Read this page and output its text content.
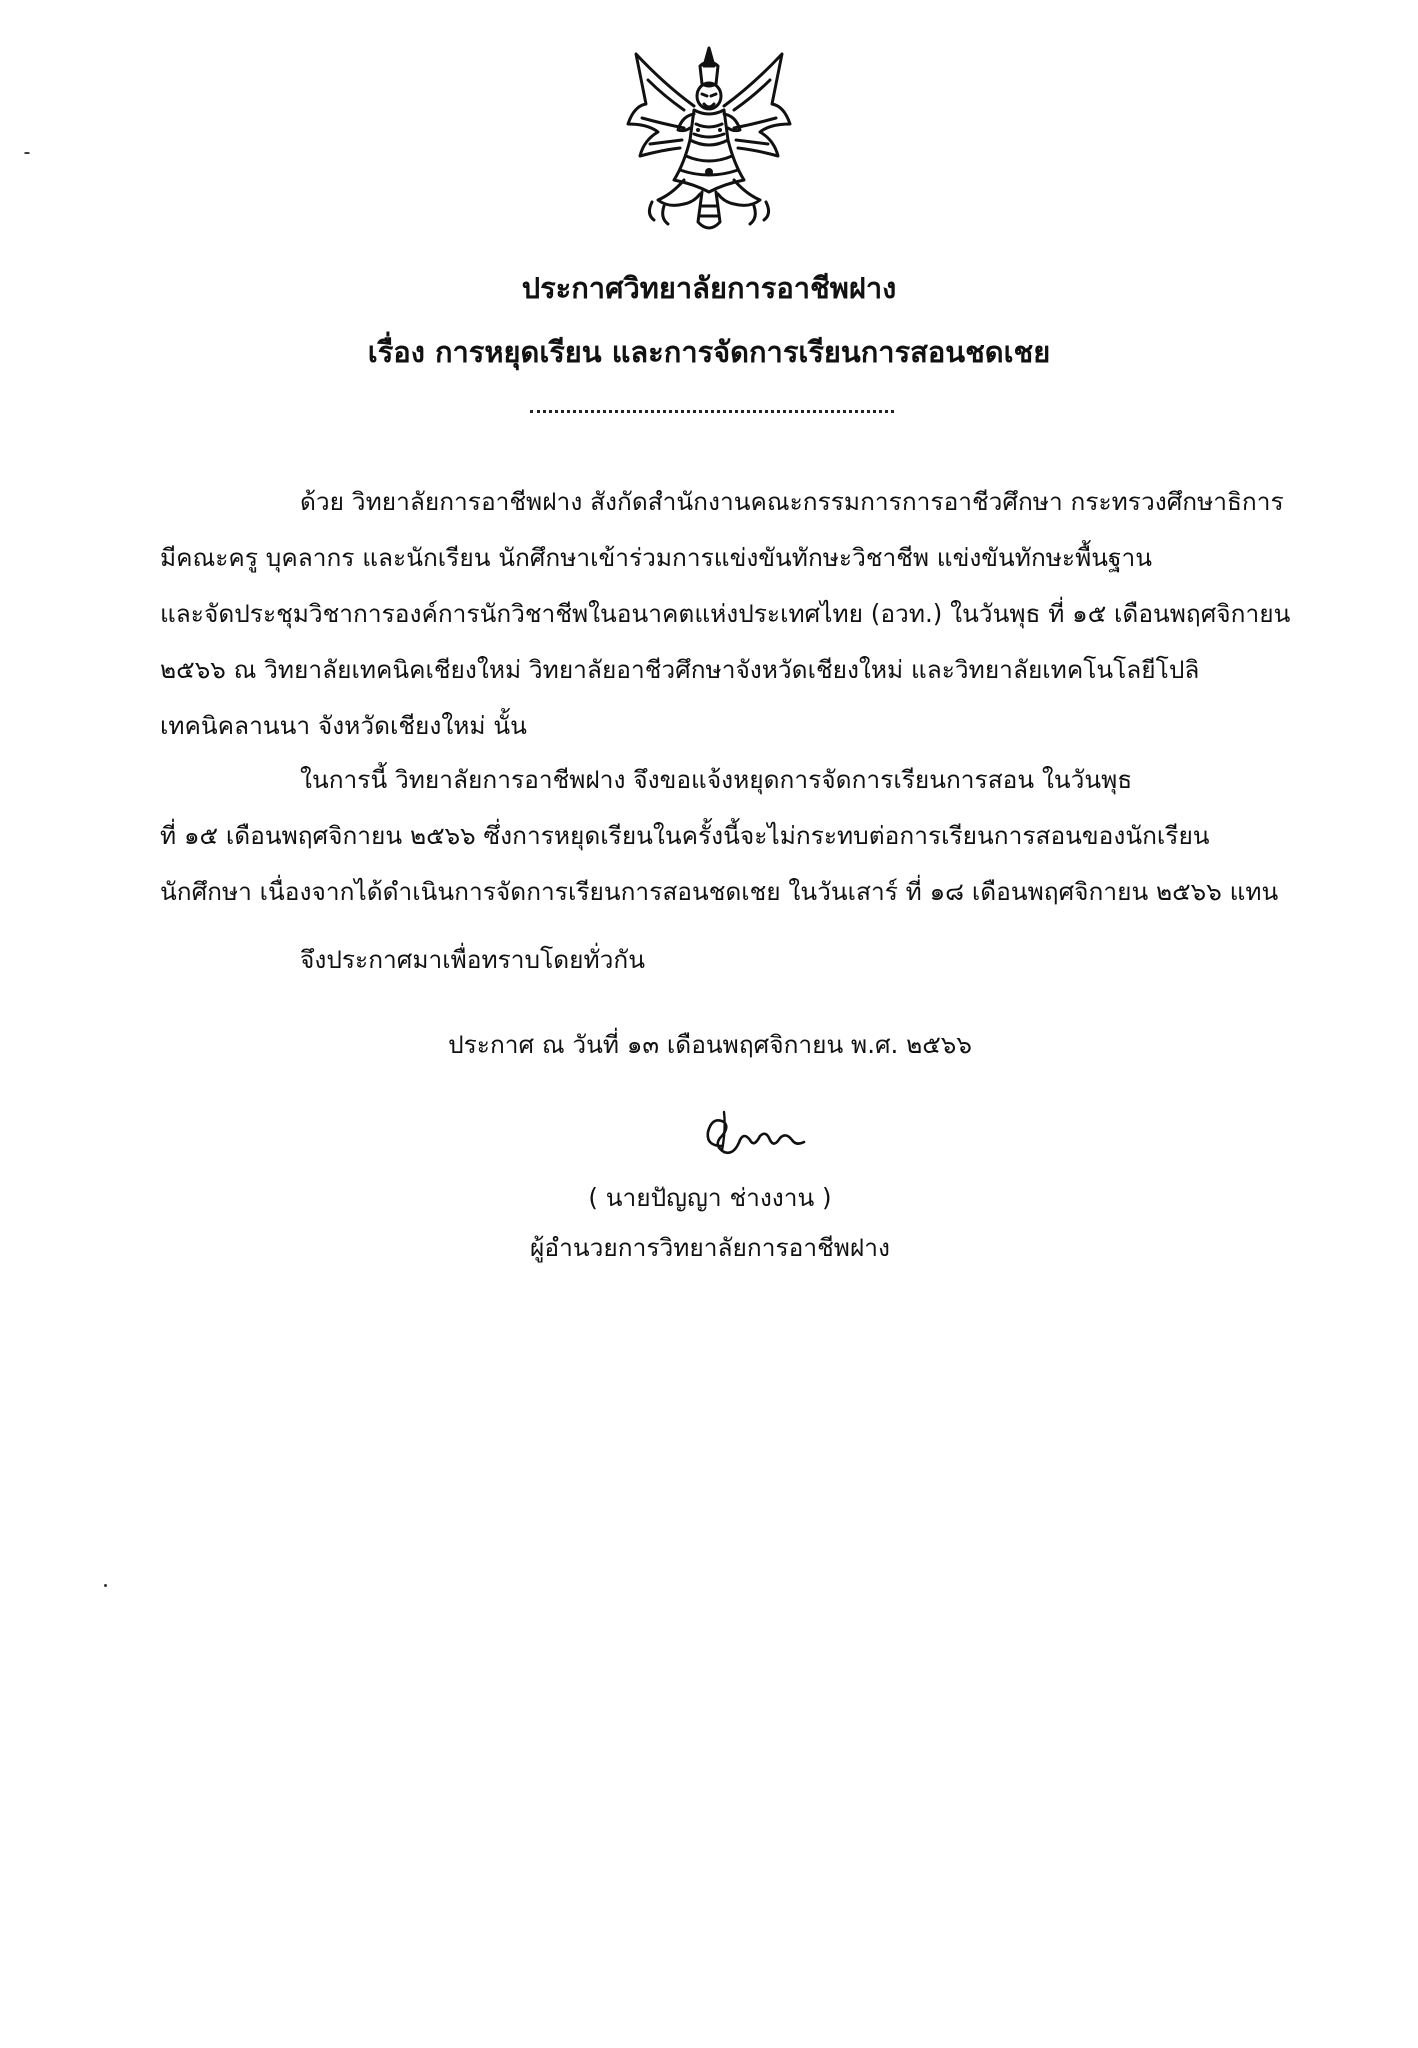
ประกาศวิทยาลัยการอาชีพฝาง
เรื่อง การหยุดเรียน และการจัดการเรียนการสอนชดเชย
ด้วย วิทยาลัยการอาชีพฝาง สังกัดสำนักงานคณะกรรมการการอาชีวศึกษา กระทรวงศึกษาธิการ
มีคณะครู บุคลากร และนักเรียน นักศึกษาเข้าร่วมการแข่งขันทักษะวิชาชีพ แข่งขันทักษะพื้นฐาน
และจัดประชุมวิชาการองค์การนักวิชาชีพในอนาคตแห่งประเทศไทย (อวท.) ในวันพุธ ที่ ๑๕ เดือนพฤศจิกายน
๒๕๖๖ ณ วิทยาลัยเทคนิคเชียงใหม่ วิทยาลัยอาชีวศึกษาจังหวัดเชียงใหม่ และวิทยาลัยเทคโนโลยีโปลิ
เทคนิคลานนา จังหวัดเชียงใหม่ นั้น
ในการนี้ วิทยาลัยการอาชีพฝาง จึงขอแจ้งหยุดการจัดการเรียนการสอน ในวันพุธ
ที่ ๑๕ เดือนพฤศจิกายน ๒๕๖๖ ซึ่งการหยุดเรียนในครั้งนี้จะไม่กระทบต่อการเรียนการสอนของนักเรียน
นักศึกษา เนื่องจากได้ดำเนินการจัดการเรียนการสอนชดเชย ในวันเสาร์ ที่ ๑๘ เดือนพฤศจิกายน ๒๕๖๖ แทน
จึงประกาศมาเพื่อทราบโดยทั่วกัน
ประกาศ ณ วันที่ ๑๓ เดือนพฤศจิกายน พ.ศ. ๒๕๖๖
( นายปัญญา ช่างงาน )
ผู้อำนวยการวิทยาลัยการอาชีพฝาง
